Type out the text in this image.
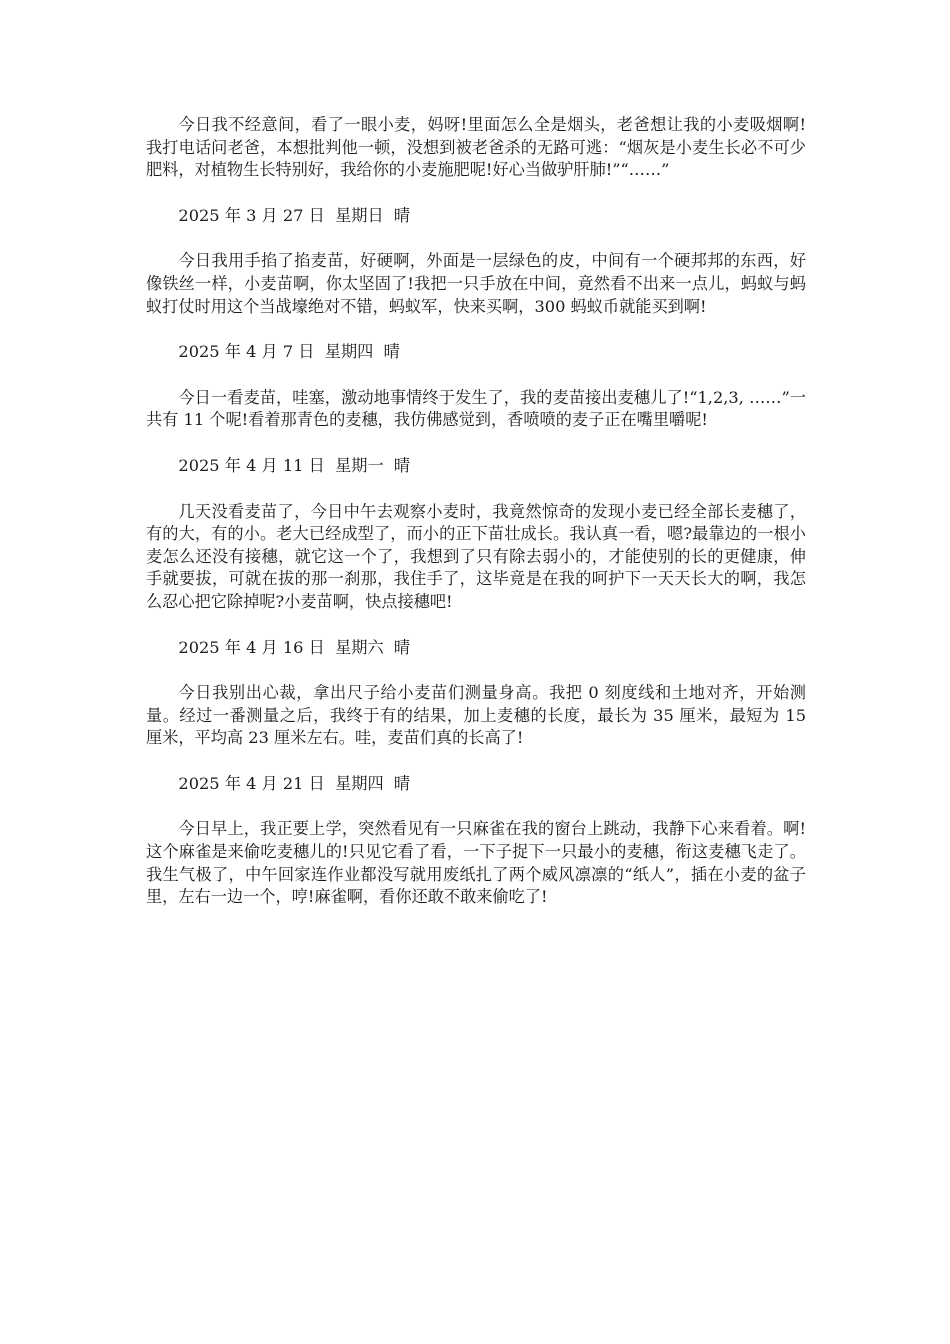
今日我不经意间，看了一眼小麦，妈呀!里面怎么全是烟头，老爸想让我的小麦吸烟啊!我打电话问老爸，本想批判他一顿，没想到被老爸杀的无路可逃：“烟灰是小麦生长必不可少肥料，对植物生长特别好，我给你的小麦施肥呢!好心当做驴肝肺!”“……”

2025 年 3 月 27 日  星期日  晴

今日我用手掐了掐麦苗，好硬啊，外面是一层绿色的皮，中间有一个硬邦邦的东西，好像铁丝一样，小麦苗啊，你太坚固了!我把一只手放在中间，竟然看不出来一点儿，蚂蚁与蚂蚁打仗时用这个当战壕绝对不错，蚂蚁军，快来买啊，300 蚂蚁币就能买到啊!

2025 年 4 月 7 日  星期四  晴

今日一看麦苗，哇塞，激动地事情终于发生了，我的麦苗接出麦穗儿了!“1,2,3, ……”一共有 11 个呢!看着那青色的麦穗，我仿佛感觉到，香喷喷的麦子正在嘴里嚼呢!

2025 年 4 月 11 日  星期一  晴

几天没看麦苗了，今日中午去观察小麦时，我竟然惊奇的发现小麦已经全部长麦穗了，有的大，有的小。老大已经成型了，而小的正下苗壮成长。我认真一看，嗯?最靠边的一根小麦怎么还没有接穗，就它这一个了，我想到了只有除去弱小的，才能使别的长的更健康，伸手就要拔，可就在拔的那一刹那，我住手了，这毕竟是在我的呵护下一天天长大的啊，我怎么忍心把它除掉呢?小麦苗啊，快点接穗吧!

2025 年 4 月 16 日  星期六  晴

今日我别出心裁，拿出尺子给小麦苗们测量身高。我把 0 刻度线和土地对齐，开始测量。经过一番测量之后，我终于有的结果，加上麦穗的长度，最长为 35 厘米，最短为 15 厘米，平均高 23 厘米左右。哇，麦苗们真的长高了!

2025 年 4 月 21 日  星期四  晴

今日早上，我正要上学，突然看见有一只麻雀在我的窗台上跳动，我静下心来看着。啊!这个麻雀是来偷吃麦穗儿的!只见它看了看，一下子捉下一只最小的麦穗，衔这麦穗飞走了。我生气极了，中午回家连作业都没写就用废纸扎了两个威风凛凛的“纸人”，插在小麦的盆子里，左右一边一个，哼!麻雀啊，看你还敢不敢来偷吃了!
